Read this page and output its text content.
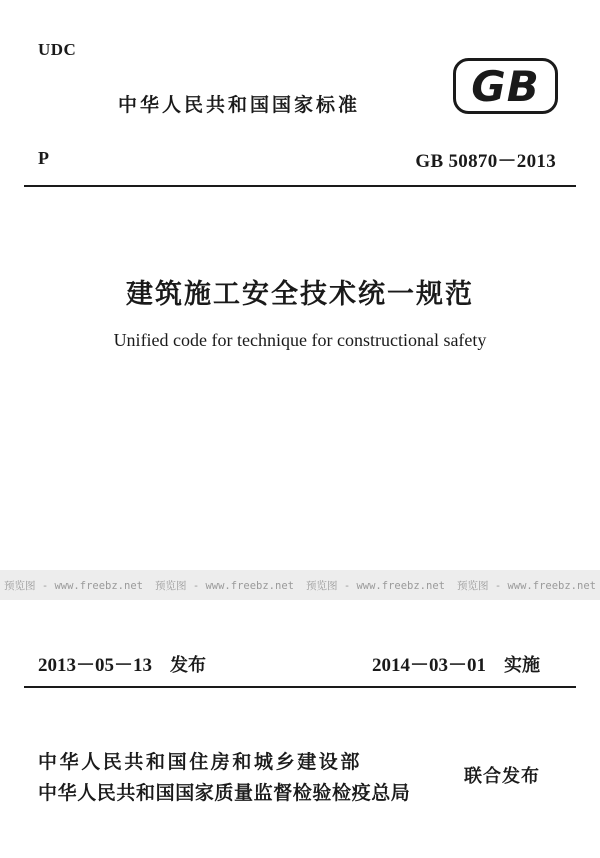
UDC
中华人民共和国国家标准	GB
P	GB 50870－2013
建筑施工安全技术统一规范
Unified code for technique for constructional safety
预览图 - www.freebz.net 预览图 - www.freebz.net 预览图 - www.freebz.net 预览图 - www.freebz.net
2013－05－13 发布	2014－03－01 实施
中华人民共和国住房和城乡建设部
中华人民共和国国家质量监督检验检疫总局
联合发布
